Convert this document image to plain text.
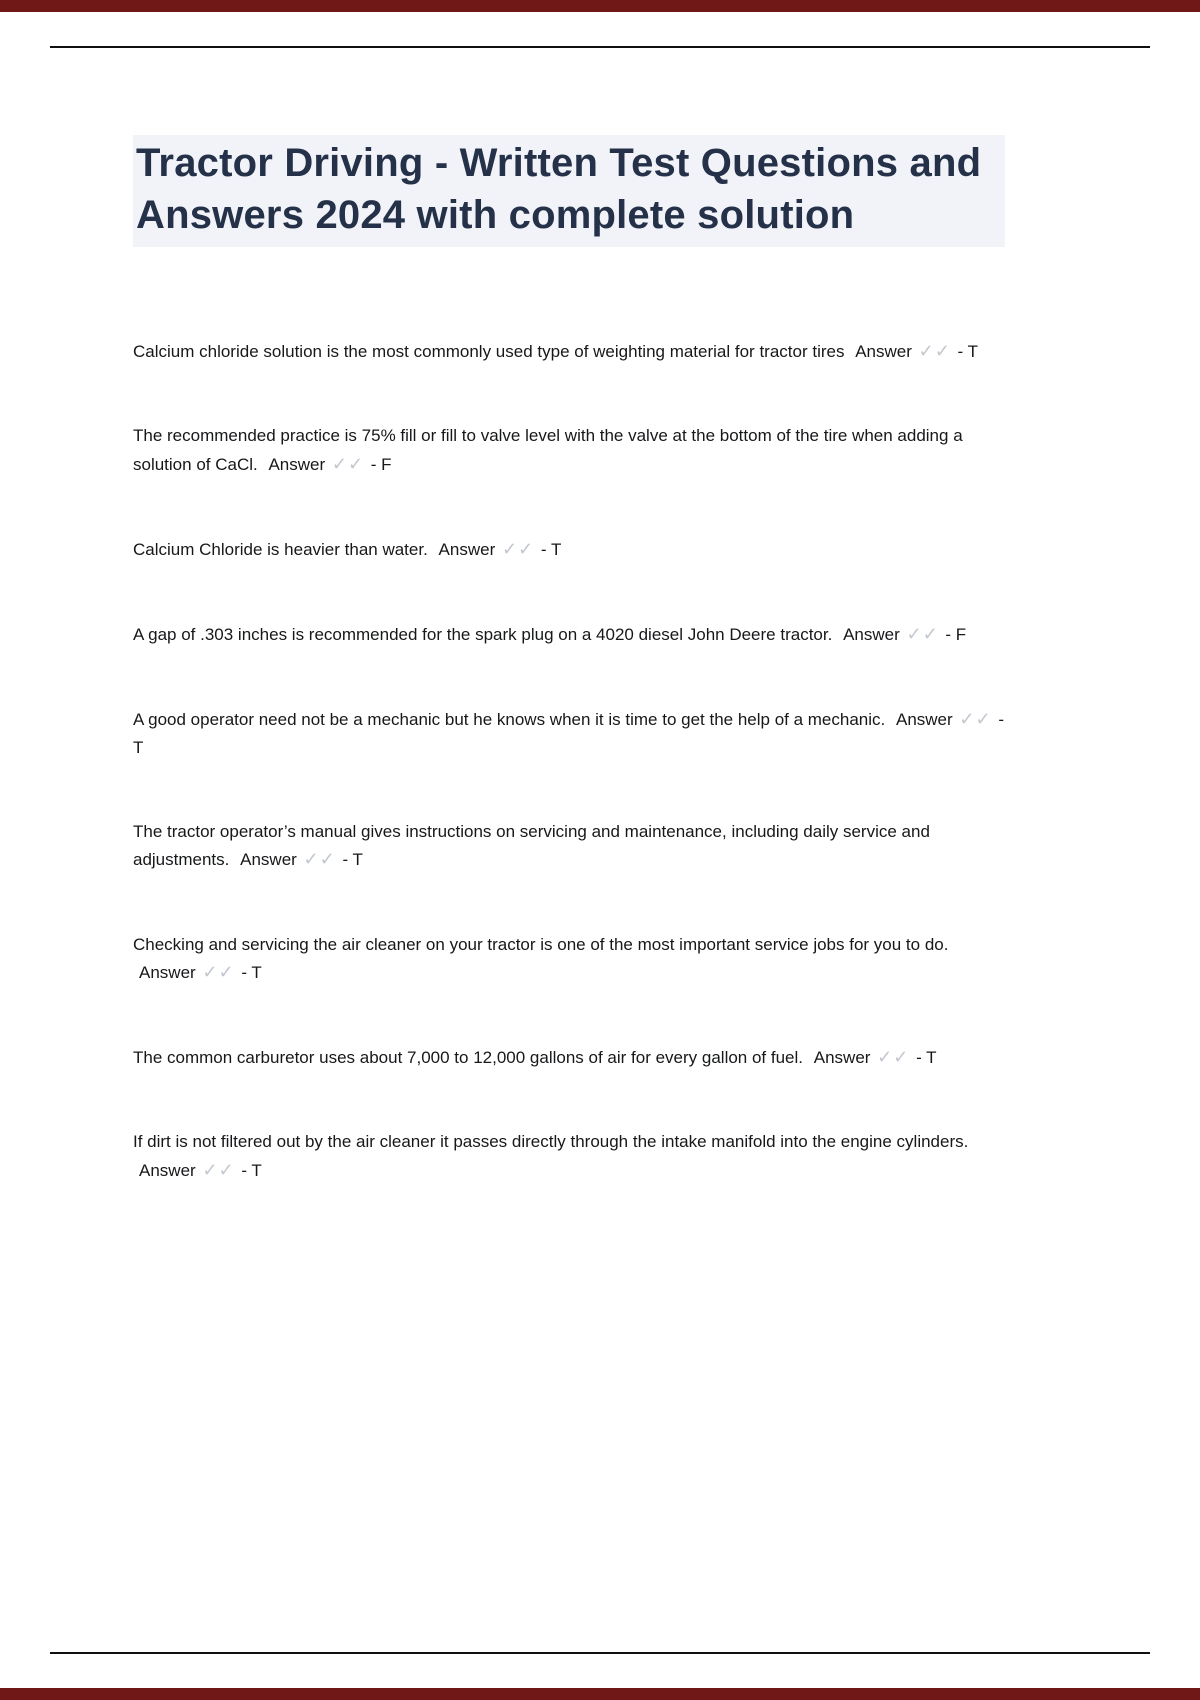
Tractor Driving - Written Test Questions and Answers 2024 with complete solution

Calcium chloride solution is the most commonly used type of weighting material for tractor tires Answer ✓✓ - T

The recommended practice is 75% fill or fill to valve level with the valve at the bottom of the tire when adding a solution of CaCl. Answer ✓✓ - F

Calcium Chloride is heavier than water. Answer ✓✓ - T

A gap of .303 inches is recommended for the spark plug on a 4020 diesel John Deere tractor. Answer ✓✓ - F

A good operator need not be a mechanic but he knows when it is time to get the help of a mechanic. Answer ✓✓ - T

The tractor operator’s manual gives instructions on servicing and maintenance, including daily service and adjustments. Answer ✓✓ - T

Checking and servicing the air cleaner on your tractor is one of the most important service jobs for you to do. Answer ✓✓ - T

The common carburetor uses about 7,000 to 12,000 gallons of air for every gallon of fuel. Answer ✓✓ - T

If dirt is not filtered out by the air cleaner it passes directly through the intake manifold into the engine cylinders. Answer ✓✓ - T
